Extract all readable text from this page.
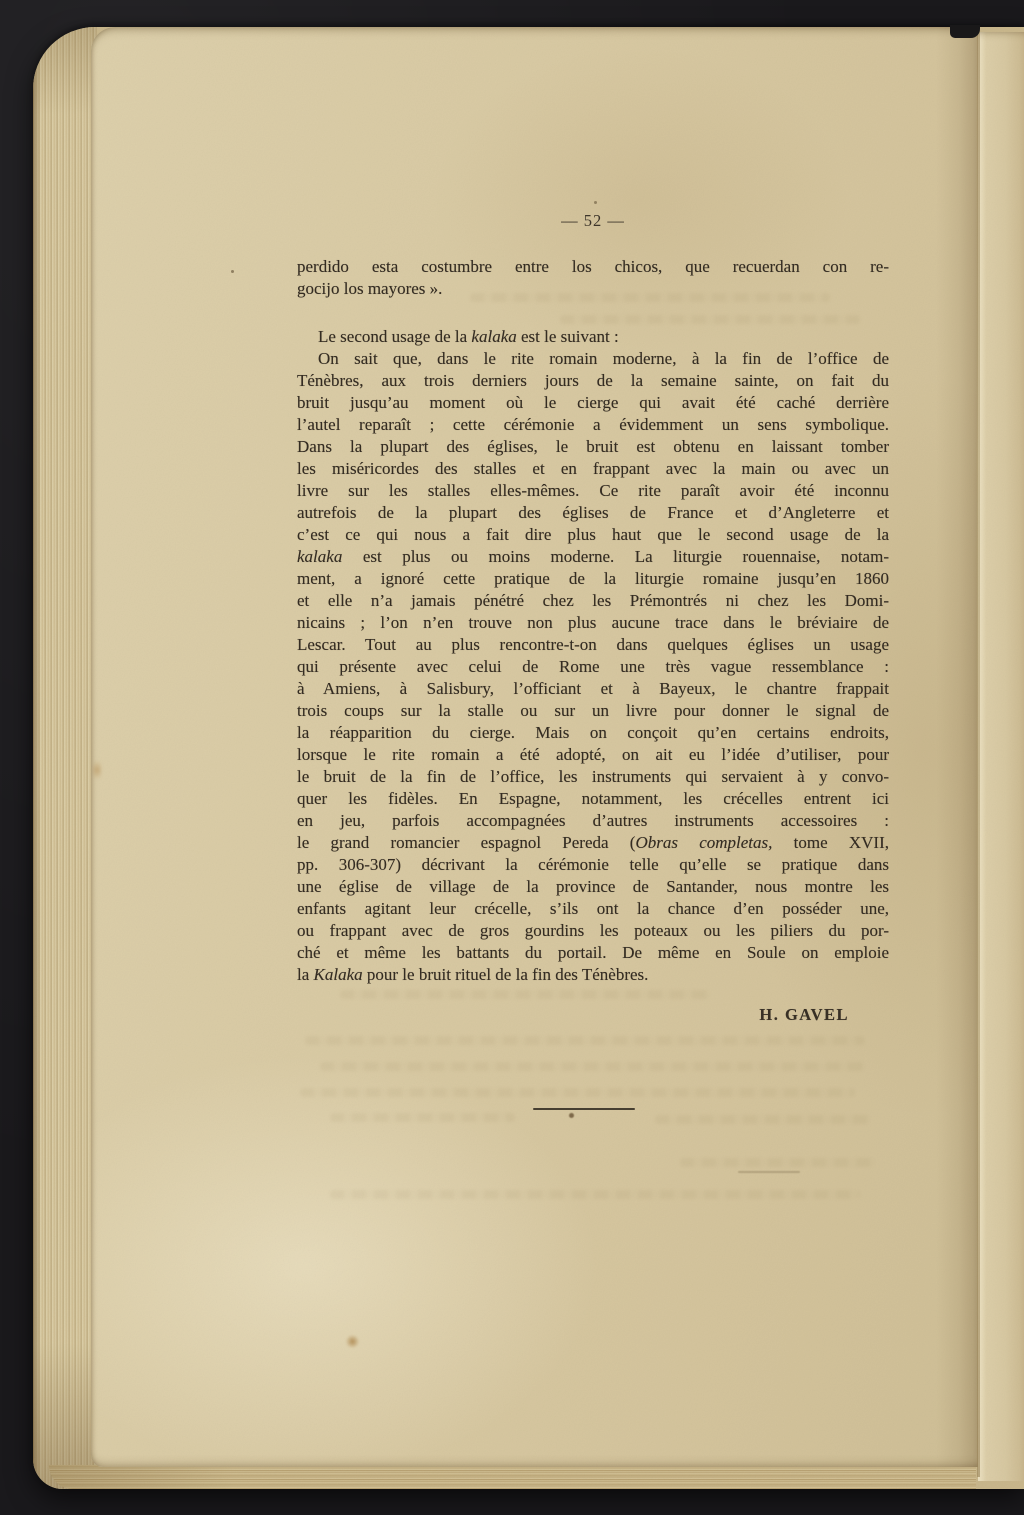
— 52 —
perdido esta costumbre entre los chicos, que recuerdan con re-
gocijo los mayores ».
Le second usage de la kalaka est le suivant :
On sait que, dans le rite romain moderne, à la fin de l’office de
Ténèbres, aux trois derniers jours de la semaine sainte, on fait du
bruit jusqu’au moment où le cierge qui avait été caché derrière
l’autel reparaît ; cette cérémonie a évidemment un sens symbolique.
Dans la plupart des églises, le bruit est obtenu en laissant tomber
les miséricordes des stalles et en frappant avec la main ou avec un
livre sur les stalles elles-mêmes. Ce rite paraît avoir été inconnu
autrefois de la plupart des églises de France et d’Angleterre et
c’est ce qui nous a fait dire plus haut que le second usage de la
kalaka est plus ou moins moderne. La liturgie rouennaise, notam-
ment, a ignoré cette pratique de la liturgie romaine jusqu’en 1860
et elle n’a jamais pénétré chez les Prémontrés ni chez les Domi-
nicains ; l’on n’en trouve non plus aucune trace dans le bréviaire de
Lescar. Tout au plus rencontre-t-on dans quelques églises un usage
qui présente avec celui de Rome une très vague ressemblance :
à Amiens, à Salisbury, l’officiant et à Bayeux, le chantre frappait
trois coups sur la stalle ou sur un livre pour donner le signal de
la réapparition du cierge. Mais on conçoit qu’en certains endroits,
lorsque le rite romain a été adopté, on ait eu l’idée d’utiliser, pour
le bruit de la fin de l’office, les instruments qui servaient à y convo-
quer les fidèles. En Espagne, notamment, les crécelles entrent ici
en jeu, parfois accompagnées d’autres instruments accessoires :
le grand romancier espagnol Pereda (Obras completas, tome XVII,
pp. 306-307) décrivant la cérémonie telle qu’elle se pratique dans
une église de village de la province de Santander, nous montre les
enfants agitant leur crécelle, s’ils ont la chance d’en posséder une,
ou frappant avec de gros gourdins les poteaux ou les piliers du por-
ché et même les battants du portail. De même en Soule on emploie
la Kalaka pour le bruit rituel de la fin des Ténèbres.
H. GAVEL
